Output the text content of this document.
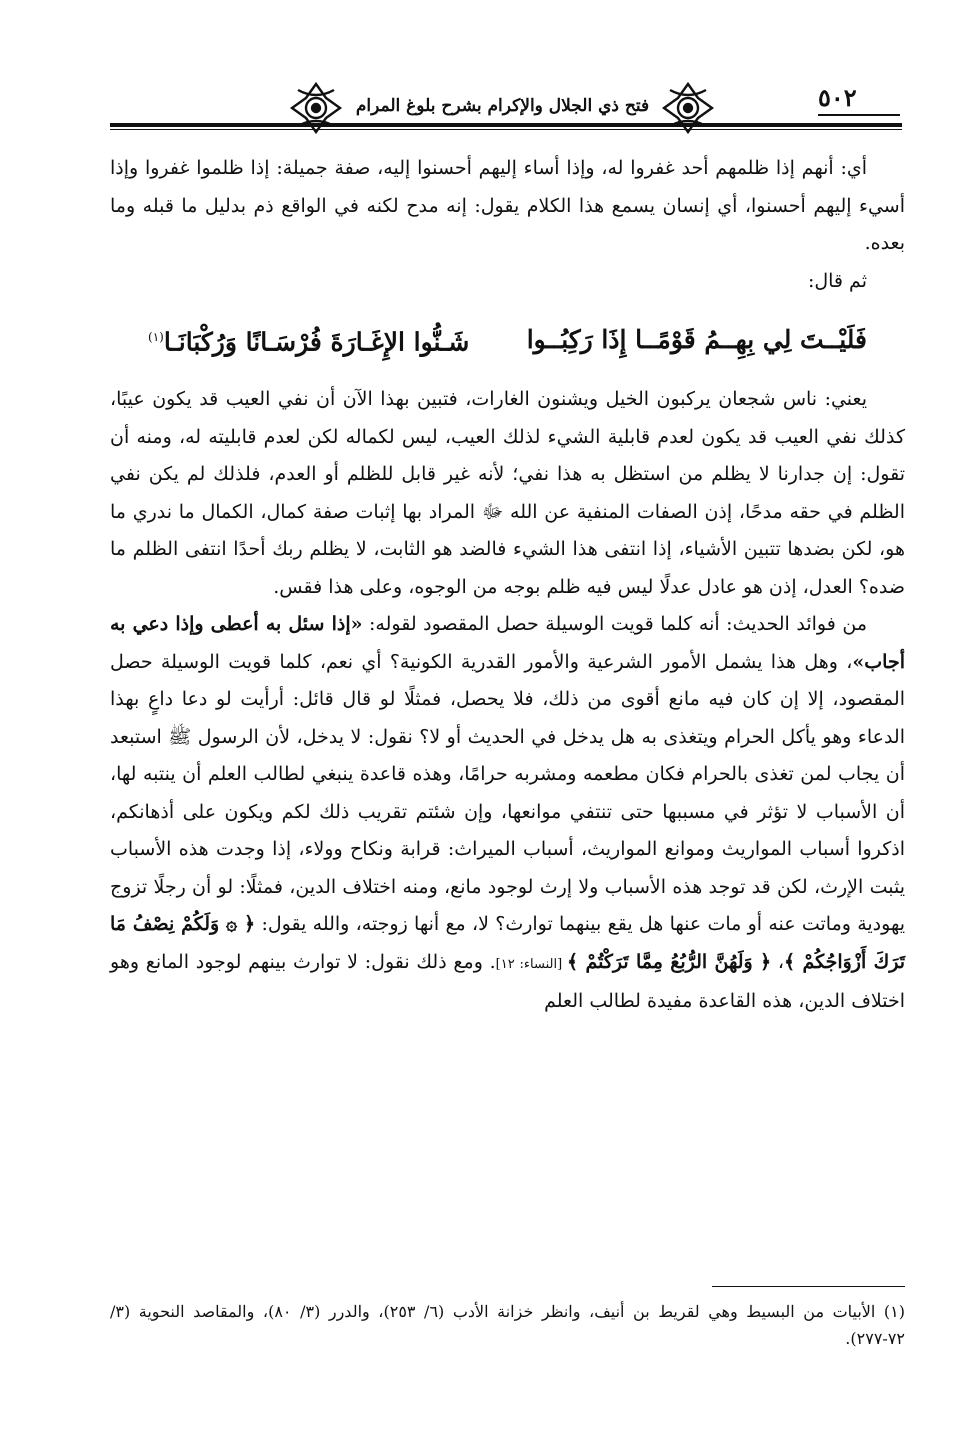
٥٠٢
فتح ذي الجلال والإكرام بشرح بلوغ المرام

أي: أنهم إذا ظلمهم أحد غفروا له، وإذا أساء إليهم أحسنوا إليه، صفة جميلة: إذا ظلموا غفروا وإذا أسيء إليهم أحسنوا، أي إنسان يسمع هذا الكلام يقول: إنه مدح لكنه في الواقع ذم بدليل ما قبله وما بعده.

ثم قال:

فَلَيْــتَ لِي بِهِــمُ قَوْمًــا إِذَا رَكِبُــوا
شَـنُّوا الإِغَـارَةَ فُرْسَـانًا وَرُكْبَانَـا$^{(١)}$

يعني: ناس شجعان يركبون الخيل ويشنون الغارات، فتبين بهذا الآن أن نفي العيب قد يكون عيبًا، كذلك نفي العيب قد يكون لعدم قابلية الشيء لذلك العيب، ليس لكماله لكن لعدم قابليته له، ومنه أن تقول: إن جدارنا لا يظلم من استظل به هذا نفي؛ لأنه غير قابل للظلم أو العدم، فلذلك لم يكن نفي الظلم في حقه مدحًا، إذن الصفات المنفية عن الله ﷻ المراد بها إثبات صفة كمال، الكمال ما ندري ما هو، لكن بضدها تتبين الأشياء، إذا انتفى هذا الشيء فالضد هو الثابت، لا يظلم ربك أحدًا انتفى الظلم ما ضده؟ العدل، إذن هو عادل عدلًا ليس فيه ظلم بوجه من الوجوه، وعلى هذا فقس.

من فوائد الحديث: أنه كلما قويت الوسيلة حصل المقصود لقوله: «إذا سئل به أعطى وإذا دعي به أجاب»، وهل هذا يشمل الأمور الشرعية والأمور القدرية الكونية؟ أي نعم، كلما قويت الوسيلة حصل المقصود، إلا إن كان فيه مانع أقوى من ذلك، فلا يحصل، فمثلًا لو قال قائل: أرأيت لو دعا داعٍ بهذا الدعاء وهو يأكل الحرام ويتغذى به هل يدخل في الحديث أو لا؟ نقول: لا يدخل، لأن الرسول ﷺ استبعد أن يجاب لمن تغذى بالحرام فكان مطعمه ومشربه حرامًا، وهذه قاعدة ينبغي لطالب العلم أن ينتبه لها، أن الأسباب لا تؤثر في مسببها حتى تنتفي موانعها، وإن شئتم تقريب ذلك لكم ويكون على أذهانكم، اذكروا أسباب المواريث وموانع المواريث، أسباب الميراث: قرابة ونكاح وولاء، إذا وجدت هذه الأسباب يثبت الإرث، لكن قد توجد هذه الأسباب ولا إرث لوجود مانع، ومنه اختلاف الدين، فمثلًا: لو أن رجلًا تزوج يهودية وماتت عنه أو مات عنها هل يقع بينهما توارث؟ لا، مع أنها زوجته، والله يقول: ﴿ ۞ وَلَكُمْ نِصْفُ مَا تَرَكَ أَزْوَاجُكُمْ ﴾، ﴿ وَلَهُنَّ الرُّبُعُ مِمَّا تَرَكْتُمْ ﴾ [النساء: ١٢]. ومع ذلك نقول: لا توارث بينهم لوجود المانع وهو اختلاف الدين، هذه القاعدة مفيدة لطالب العلم

(١) الأبيات من البسيط وهي لقريط بن أنيف، وانظر خزانة الأدب (٦/ ٢٥٣)، والدرر (٣/ ٨٠)، والمقاصد النحوية (٣/ ٧٢-٢٧٧).
